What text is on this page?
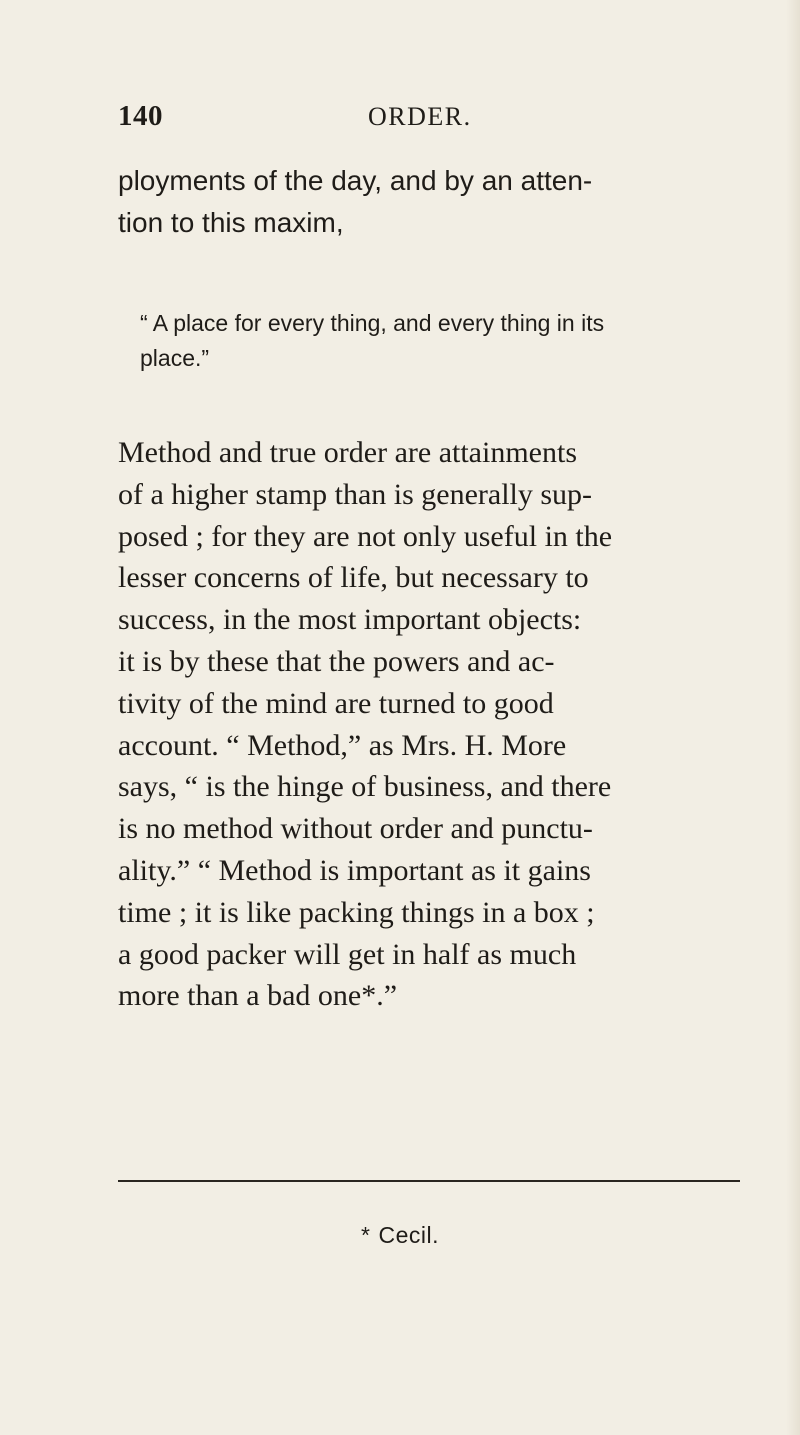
140	ORDER.

ployments of the day, and by an atten-
tion to this maxim,

“ A place for every thing, and every thing in its
place.”

Method and true order are attainments
of a higher stamp than is generally sup-
posed ; for they are not only useful in the
lesser concerns of life, but necessary to
success, in the most important objects:
it is by these that the powers and ac-
tivity of the mind are turned to good
account. “ Method,” as Mrs. H. More
says, “ is the hinge of business, and there
is no method without order and punctu-
ality.” “ Method is important as it gains
time ; it is like packing things in a box ;
a good packer will get in half as much
more than a bad one*.”

* Cecil.
